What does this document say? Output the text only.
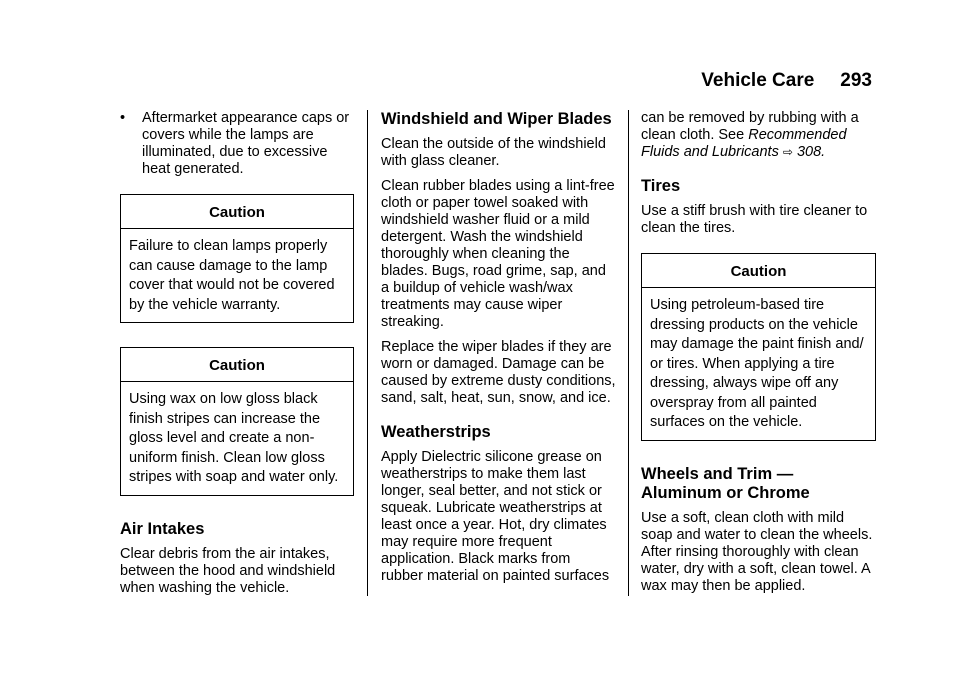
Vehicle Care 293
•	Aftermarket appearance caps or covers while the lamps are illuminated, due to excessive heat generated.
Caution
Failure to clean lamps properly can cause damage to the lamp cover that would not be covered by the vehicle warranty.
Caution
Using wax on low gloss black finish stripes can increase the gloss level and create a non-uniform finish. Clean low gloss stripes with soap and water only.
Air Intakes

Clear debris from the air intakes, between the hood and windshield when washing the vehicle.

Windshield and Wiper Blades

Clean the outside of the windshield with glass cleaner.

Clean rubber blades using a lint-free cloth or paper towel soaked with windshield washer fluid or a mild detergent. Wash the windshield thoroughly when cleaning the blades. Bugs, road grime, sap, and a buildup of vehicle wash/wax treatments may cause wiper streaking.

Replace the wiper blades if they are worn or damaged. Damage can be caused by extreme dusty conditions, sand, salt, heat, sun, snow, and ice.

Weatherstrips

Apply Dielectric silicone grease on weatherstrips to make them last longer, seal better, and not stick or squeak. Lubricate weatherstrips at least once a year. Hot, dry climates may require more frequent application. Black marks from rubber material on painted surfaces

can be removed by rubbing with a clean cloth. See Recommended Fluids and Lubricants ⇨ 308.

Tires

Use a stiff brush with tire cleaner to clean the tires.

Caution
Using petroleum-based tire dressing products on the vehicle may damage the paint finish and/ or tires. When applying a tire dressing, always wipe off any overspray from all painted surfaces on the vehicle.
Wheels and Trim — Aluminum or Chrome

Use a soft, clean cloth with mild soap and water to clean the wheels. After rinsing thoroughly with clean water, dry with a soft, clean towel. A wax may then be applied.
